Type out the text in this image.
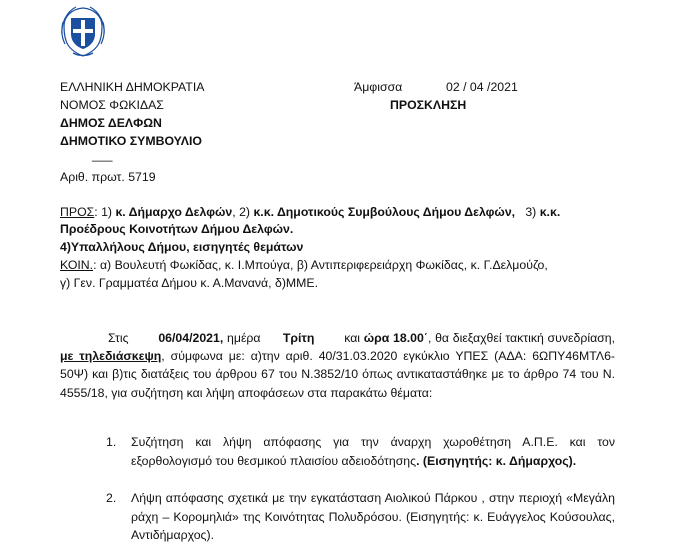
ΕΛΛΗΝΙΚΗ ΔΗΜΟΚΡΑΤΙΑ
ΝΟΜΟΣ ΦΩΚΙΔΑΣ
ΔΗΜΟΣ ΔΕΛΦΩΝ
ΔΗΜΟΤΙΚΟ ΣΥΜΒΟΥΛΙΟ
___
Αριθ. πρωτ. 5719
Άμφισσα	02 / 04 /2021
ΠΡΟΣΚΛΗΣΗ
ΠΡΟΣ: 1) κ. Δήμαρχο Δελφών, 2) κ.κ. Δημοτικούς Συμβούλους Δήμου Δελφών, 3) κ.κ.
Προέδρους Κοινοτήτων Δήμου Δελφών.
4)Υπαλλήλους Δήμου, εισηγητές θεμάτων
ΚΟΙΝ.: α) Βουλευτή Φωκίδας, κ. Ι.Μπούγα, β) Αντιπεριφερειάρχη Φωκίδας, κ. Γ.Δελμούζο,
γ) Γεν. Γραμματέα Δήμου κ. Α.Μανανά, δ)ΜΜΕ.
Στις 06/04/2021, ημέρα Τρίτη και ώρα 18.00΄, θα διεξαχθεί τακτική συνεδρίαση, με τηλεδιάσκεψη, σύμφωνα με: α)την αριθ. 40/31.03.2020 εγκύκλιο ΥΠΕΣ (ΑΔΑ: 6ΩΠΥ46ΜΤΛ6-50Ψ) και β)τις διατάξεις του άρθρου 67 του Ν.3852/10 όπως αντικαταστάθηκε με το άρθρο 74 του Ν. 4555/18, για συζήτηση και λήψη αποφάσεων στα παρακάτω θέματα:
1. Συζήτηση και λήψη απόφασης για την άναρχη χωροθέτηση Α.Π.Ε. και τον εξορθολογισμό του θεσμικού πλαισίου αδειοδότησης. (Εισηγητής: κ. Δήμαρχος).
2. Λήψη απόφασης σχετικά με την εγκατάσταση Αιολικού Πάρκου , στην περιοχή «Μεγάλη ράχη – Κορομηλιά» της Κοινότητας Πολυδρόσου. (Εισηγητής: κ. Ευάγγελος Κούσουλας, Αντιδήμαρχος).
